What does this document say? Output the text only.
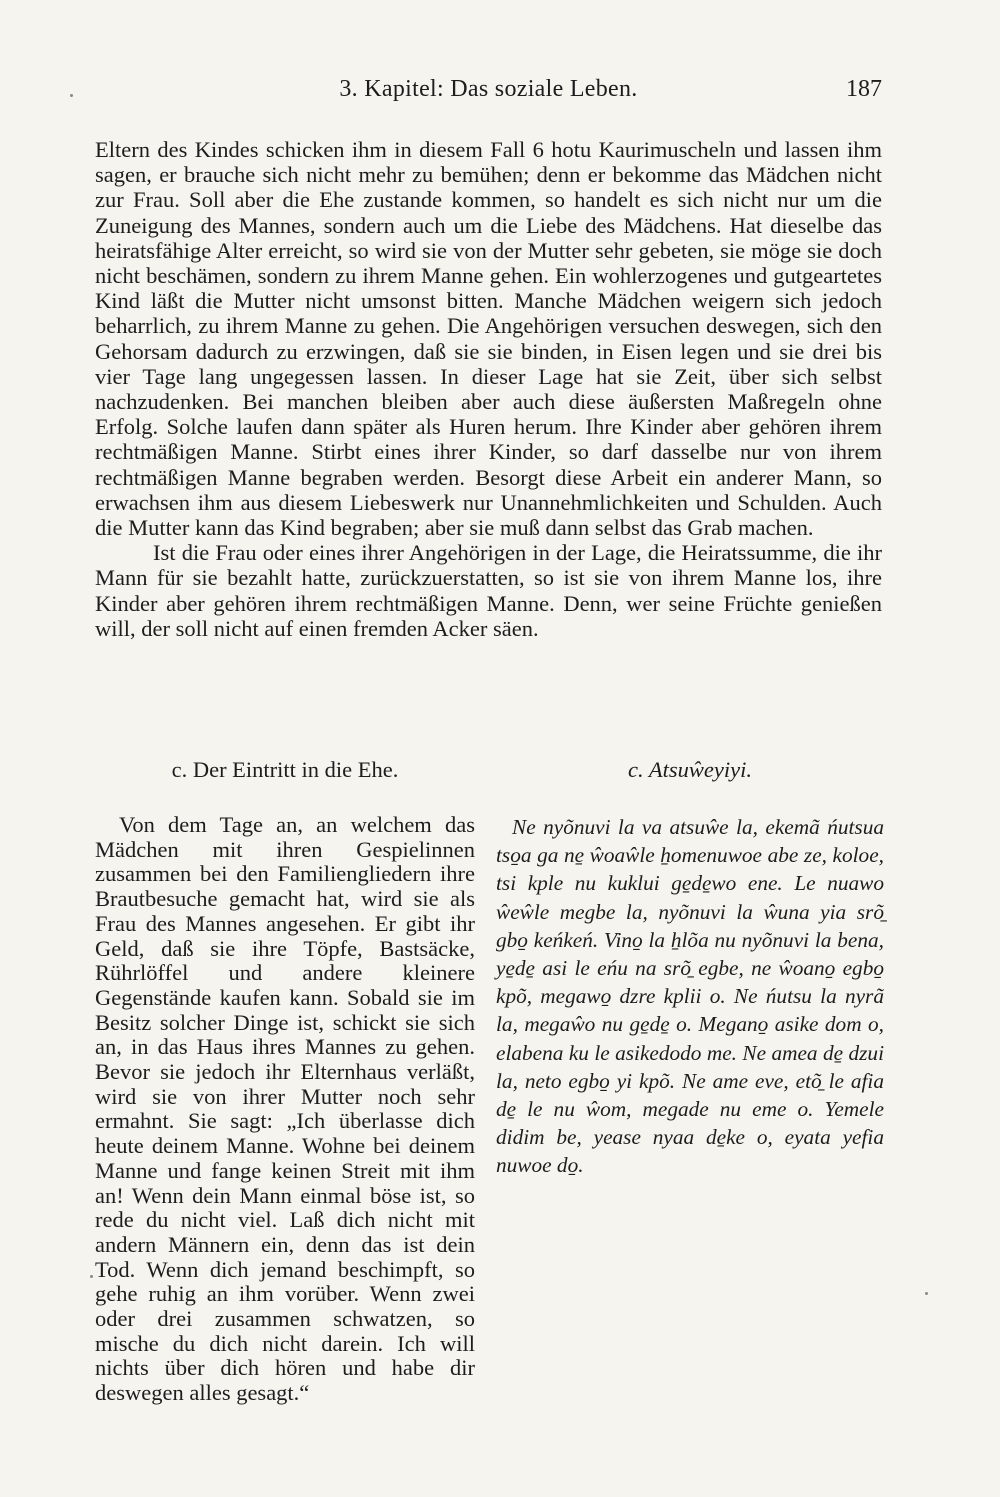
3. Kapitel: Das soziale Leben.	187

Eltern des Kindes schicken ihm in diesem Fall 6 hotu Kaurimuscheln und lassen ihm sagen, er brauche sich nicht mehr zu bemühen; denn er bekomme das Mädchen nicht zur Frau. Soll aber die Ehe zustande kommen, so handelt es sich nicht nur um die Zuneigung des Mannes, sondern auch um die Liebe des Mädchens. Hat dieselbe das heiratsfähige Alter erreicht, so wird sie von der Mutter sehr gebeten, sie möge sie doch nicht beschämen, sondern zu ihrem Manne gehen. Ein wohlerzogenes und gutgeartetes Kind läßt die Mutter nicht umsonst bitten. Manche Mädchen weigern sich jedoch beharrlich, zu ihrem Manne zu gehen. Die Angehörigen versuchen deswegen, sich den Gehorsam dadurch zu erzwingen, daß sie sie binden, in Eisen legen und sie drei bis vier Tage lang ungegessen lassen. In dieser Lage hat sie Zeit, über sich selbst nachzudenken. Bei manchen bleiben aber auch diese äußersten Maßregeln ohne Erfolg. Solche laufen dann später als Huren herum. Ihre Kinder aber gehören ihrem rechtmäßigen Manne. Stirbt eines ihrer Kinder, so darf dasselbe nur von ihrem rechtmäßigen Manne begraben werden. Besorgt diese Arbeit ein anderer Mann, so erwachsen ihm aus diesem Liebeswerk nur Unannehmlichkeiten und Schulden. Auch die Mutter kann das Kind begraben; aber sie muß dann selbst das Grab machen.

Ist die Frau oder eines ihrer Angehörigen in der Lage, die Heiratssumme, die ihr Mann für sie bezahlt hatte, zurückzuerstatten, so ist sie von ihrem Manne los, ihre Kinder aber gehören ihrem rechtmäßigen Manne. Denn, wer seine Früchte genießen will, der soll nicht auf einen fremden Acker säen.

c. Der Eintritt in die Ehe.

Von dem Tage an, an welchem das Mädchen mit ihren Gespielinnen zusammen bei den Familiengliedern ihre Brautbesuche gemacht hat, wird sie als Frau des Mannes angesehen. Er gibt ihr Geld, daß sie ihre Töpfe, Bastsäcke, Rührlöffel und andere kleinere Gegenstände kaufen kann. Sobald sie im Besitz solcher Dinge ist, schickt sie sich an, in das Haus ihres Mannes zu gehen. Bevor sie jedoch ihr Elternhaus verläßt, wird sie von ihrer Mutter noch sehr ermahnt. Sie sagt: „Ich überlasse dich heute deinem Manne. Wohne bei deinem Manne und fange keinen Streit mit ihm an! Wenn dein Mann einmal böse ist, so rede du nicht viel. Laß dich nicht mit andern Männern ein, denn das ist dein Tod. Wenn dich jemand beschimpft, so gehe ruhig an ihm vorüber. Wenn zwei oder drei zusammen schwatzen, so mische du dich nicht darein. Ich will nichts über dich hören und habe dir deswegen alles gesagt.“

c. Atsuŵeyiyi.

Ne nyõnuvi la va atsuŵe la, ekemã ńutsua tso̱a ga ne̱ ŵoaŵle ẖomenuwoe abe ze, koloe, tsi kple nu kuklui ge̱de̱wo ene. Le nuawo ŵeŵle megbe la, nyõnuvi la ŵuna yia srõ̱ gbo̱ keńkeń. Vino̱ la ẖlõa nu nyõnuvi la bena, ye̱de̱ asi le eńu na srõ̱ egbe, ne ŵoano̱ egbo̱ kpõ, megawo̱ dzre kplii o. Ne ńutsu la nyrã la, megaŵo nu ge̱de̱ o. Megano̱ asike dom o, elabena ku le asikedodo me. Ne amea de̱ dzui la, neto egbo̱ yi kpõ. Ne ame eve, etõ̱ le afia de̱ le nu ŵom, megade nu eme o. Yemele didim be, yease nyaa de̱ke o, eyata yefia nuwoe do̱.
